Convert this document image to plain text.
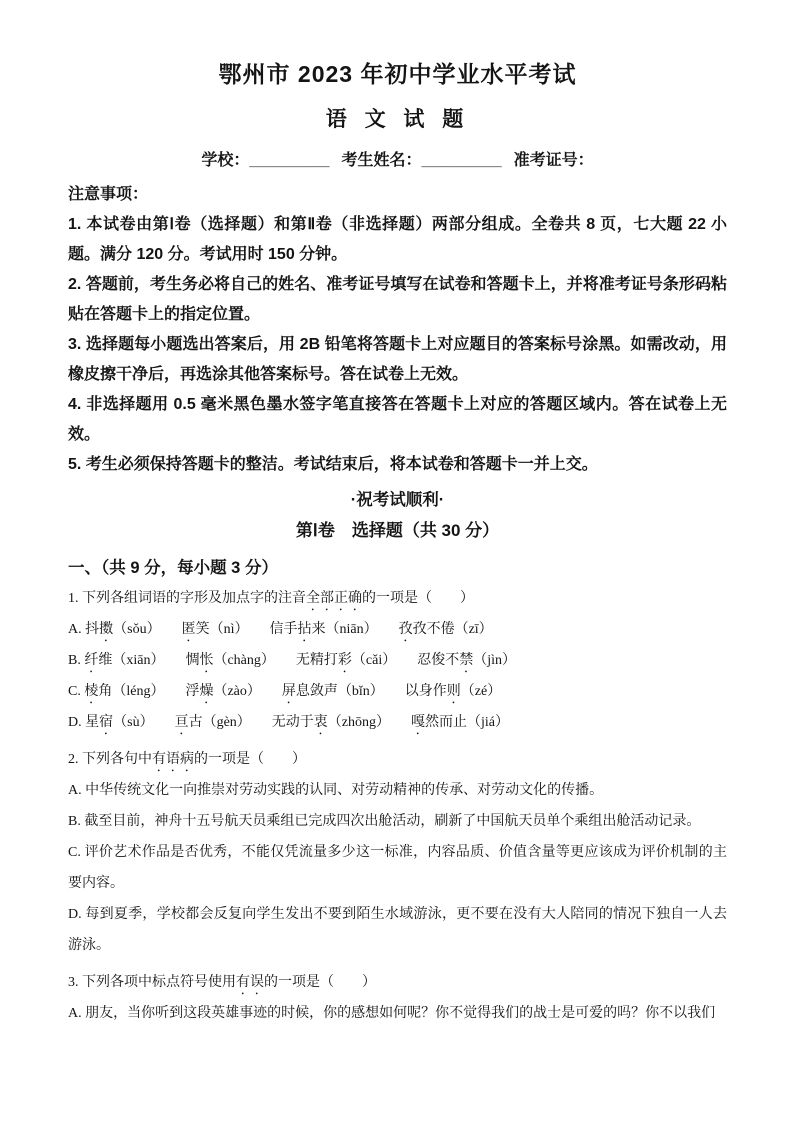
鄂州市 2023 年初中学业水平考试
语 文 试 题

学校：_________ 考生姓名：_________ 准考证号：

注意事项：

1. 本试卷由第Ⅰ卷（选择题）和第Ⅱ卷（非选择题）两部分组成。全卷共 8 页，七大题 22 小题。满分 120 分。考试用时 150 分钟。

2. 答题前，考生务必将自己的姓名、准考证号填写在试卷和答题卡上，并将准考证号条形码粘贴在答题卡上的指定位置。

3. 选择题每小题选出答案后，用 2B 铅笔将答题卡上对应题目的答案标号涂黑。如需改动，用橡皮擦干净后，再选涂其他答案标号。答在试卷上无效。

4. 非选择题用 0.5 毫米黑色墨水签字笔直接答在答题卡上对应的答题区域内。答在试卷上无效。

5. 考生必须保持答题卡的整洁。考试结束后，将本试卷和答题卡一并上交。

·祝考试顺利·

第Ⅰ卷　选择题（共 30 分）

一、（共 9 分，每小题 3 分）

1. 下列各组词语的字形及加点字的注音全部正确的一项是（　　）

A. 抖擞（sǒu）　　匿笑（nì）　　信手拈来（niān）　　孜孜不倦（zī）

B. 纤维（xiān）　　惆怅（chàng）　　无精打彩（cǎi）　　忍俊不禁（jìn）

C. 棱角（léng）　　浮燥（zào）　　屏息敛声（bǐn）　　以身作则（zé）

D. 星宿（sù）　　亘古（gèn）　　无动于衷（zhōng）　　嘎然而止（jiá）

2. 下列各句中有语病的一项是（　　）

A. 中华传统文化一向推崇对劳动实践的认同、对劳动精神的传承、对劳动文化的传播。

B. 截至目前，神舟十五号航天员乘组已完成四次出舱活动，刷新了中国航天员单个乘组出舱活动记录。

C. 评价艺术作品是否优秀，不能仅凭流量多少这一标准，内容品质、价值含量等更应该成为评价机制的主要内容。

D. 每到夏季，学校都会反复向学生发出不要到陌生水域游泳，更不要在没有大人陪同的情况下独自一人去游泳。

3. 下列各项中标点符号使用有误的一项是（　　）

A. 朋友，当你听到这段英雄事迹的时候，你的感想如何呢？你不觉得我们的战士是可爱的吗？你不以我们
